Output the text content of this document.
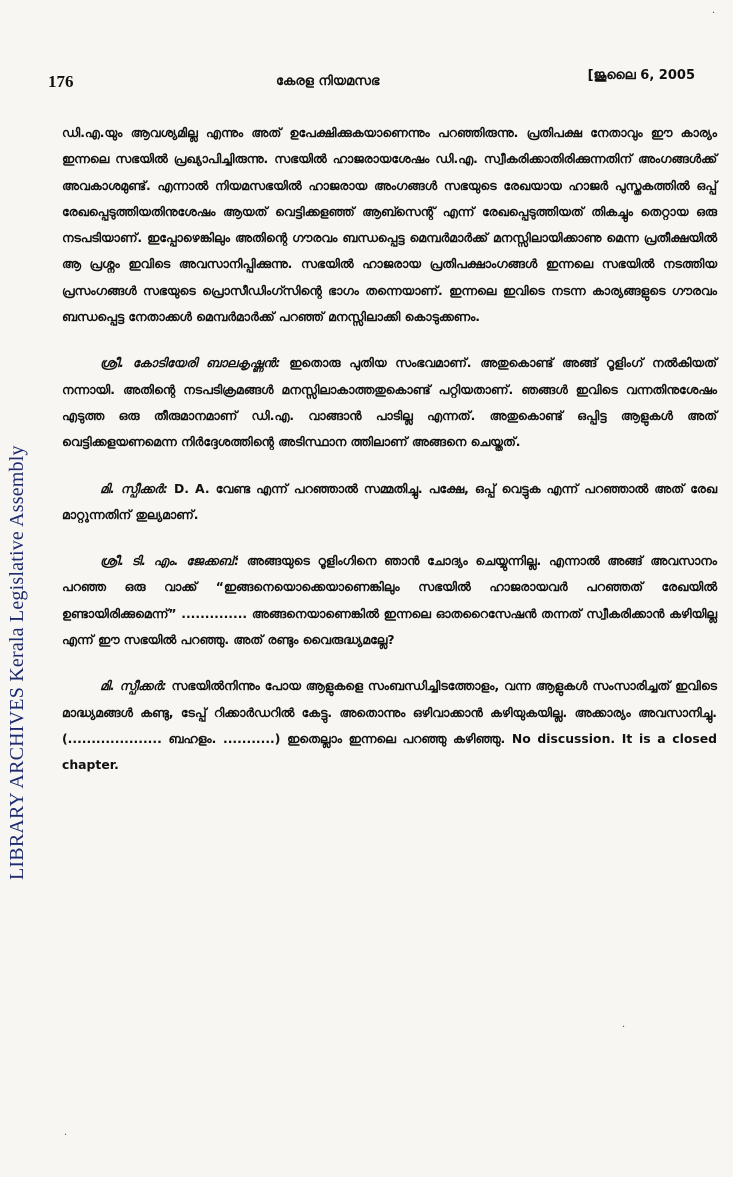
176	കേരള നിയമസഭ	[ജൂലൈ 6, 2005
LIBRARY ARCHIVES Kerala Legislative Assembly

ഡി.എ.യും ആവശ്യമില്ല എന്നും അത് ഉപേക്ഷിക്കുകയാണെന്നും പറഞ്ഞിരുന്നു. പ്രതിപക്ഷ നേതാവും ഈ കാര്യം ഇന്നലെ സഭയിൽ പ്രഖ്യാപിച്ചിരുന്നു. സഭയിൽ ഹാജരായശേഷം ഡി.എ. സ്വീകരിക്കാതിരിക്കുന്നതിന് അംഗങ്ങൾക്ക് അവകാശമുണ്ട്. എന്നാൽ നിയമസഭയിൽ ഹാജരായ അംഗങ്ങൾ സഭയുടെ രേഖയായ ഹാജർ പുസ്തകത്തിൽ ഒപ്പ് രേഖപ്പെടുത്തിയതിനുശേഷം ആയത് വെട്ടിക്കളഞ്ഞ് ആബ്സെന്റ് എന്ന് രേഖപ്പെടുത്തിയത് തികച്ചും തെറ്റായ ഒരു നടപടിയാണ്. ഇപ്പോഴെങ്കിലും അതിന്റെ ഗൗരവം ബന്ധപ്പെട്ട മെമ്പർമാർക്ക് മനസ്സിലായിക്കാണു മെന്ന പ്രതീക്ഷയിൽ ആ പ്രശ്നം ഇവിടെ അവസാനിപ്പിക്കുന്നു. സഭയിൽ ഹാജരായ പ്രതിപക്ഷാംഗങ്ങൾ ഇന്നലെ സഭയിൽ നടത്തിയ പ്രസംഗങ്ങൾ സഭയുടെ പ്രൊസീഡിംഗ്സിന്റെ ഭാഗം തന്നെയാണ്. ഇന്നലെ ഇവിടെ നടന്ന കാര്യങ്ങളുടെ ഗൗരവം ബന്ധപ്പെട്ട നേതാക്കൾ മെമ്പർമാർക്ക് പറഞ്ഞ് മനസ്സിലാക്കി കൊടുക്കണം.

ശ്രീ. കോടിയേരി ബാലകൃഷ്ണൻ: ഇതൊരു പുതിയ സംഭവമാണ്. അതുകൊണ്ട് അങ്ങ് റൂളിംഗ് നൽകിയത് നന്നായി. അതിന്റെ നടപടിക്രമങ്ങൾ മനസ്സിലാകാത്തതുകൊണ്ട് പറ്റിയതാണ്. ഞങ്ങൾ ഇവിടെ വന്നതിനുശേഷം എടുത്ത ഒരു തീരുമാനമാണ് ഡി.എ. വാങ്ങാൻ പാടില്ല എന്നത്. അതുകൊണ്ട് ഒപ്പിട്ട ആളുകൾ അത് വെട്ടിക്കളയണമെന്ന നിർദ്ദേശത്തിന്റെ അടിസ്ഥാന ത്തിലാണ് അങ്ങനെ ചെയ്തത്.

മി. സ്പീക്കർ: D. A. വേണ്ട എന്ന് പറഞ്ഞാൽ സമ്മതിച്ചു. പക്ഷേ, ഒപ്പ് വെട്ടുക എന്ന് പറഞ്ഞാൽ അത് രേഖ മാറ്റുന്നതിന് തുല്യമാണ്.

ശ്രീ. ടി. എം. ജേക്കബ്: അങ്ങയുടെ റൂളിംഗിനെ ഞാൻ ചോദ്യം ചെയ്യുന്നില്ല. എന്നാൽ അങ്ങ് അവസാനം പറഞ്ഞ ഒരു വാക്ക് “ഇങ്ങനെയൊക്കെയാണെങ്കിലും സഭയിൽ ഹാജരായവർ പറഞ്ഞത് രേഖയിൽ ഉണ്ടായിരിക്കുമെന്ന്” .............. അങ്ങനെയാണെങ്കിൽ ഇന്നലെ ഓതറൈസേഷൻ തന്നത് സ്വീകരിക്കാൻ കഴിയില്ല എന്ന് ഈ സഭയിൽ പറഞ്ഞു. അത് രണ്ടും വൈരുദ്ധ്യമല്ലേ?

മി. സ്പീക്കർ: സഭയിൽനിന്നും പോയ ആളുകളെ സംബന്ധിച്ചിടത്തോളം, വന്ന ആളുകൾ സംസാരിച്ചത് ഇവിടെ മാദ്ധ്യമങ്ങൾ കണ്ടു, ടേപ്പ് റിക്കാർഡറിൽ കേട്ടു. അതൊന്നും ഒഴിവാക്കാൻ കഴിയുകയില്ല. അക്കാര്യം അവസാനിച്ചു. (.................... ബഹളം. ...........) ഇതെല്ലാം ഇന്നലെ പറഞ്ഞു കഴിഞ്ഞു. No discussion. It is a closed chapter.

·
·
·
